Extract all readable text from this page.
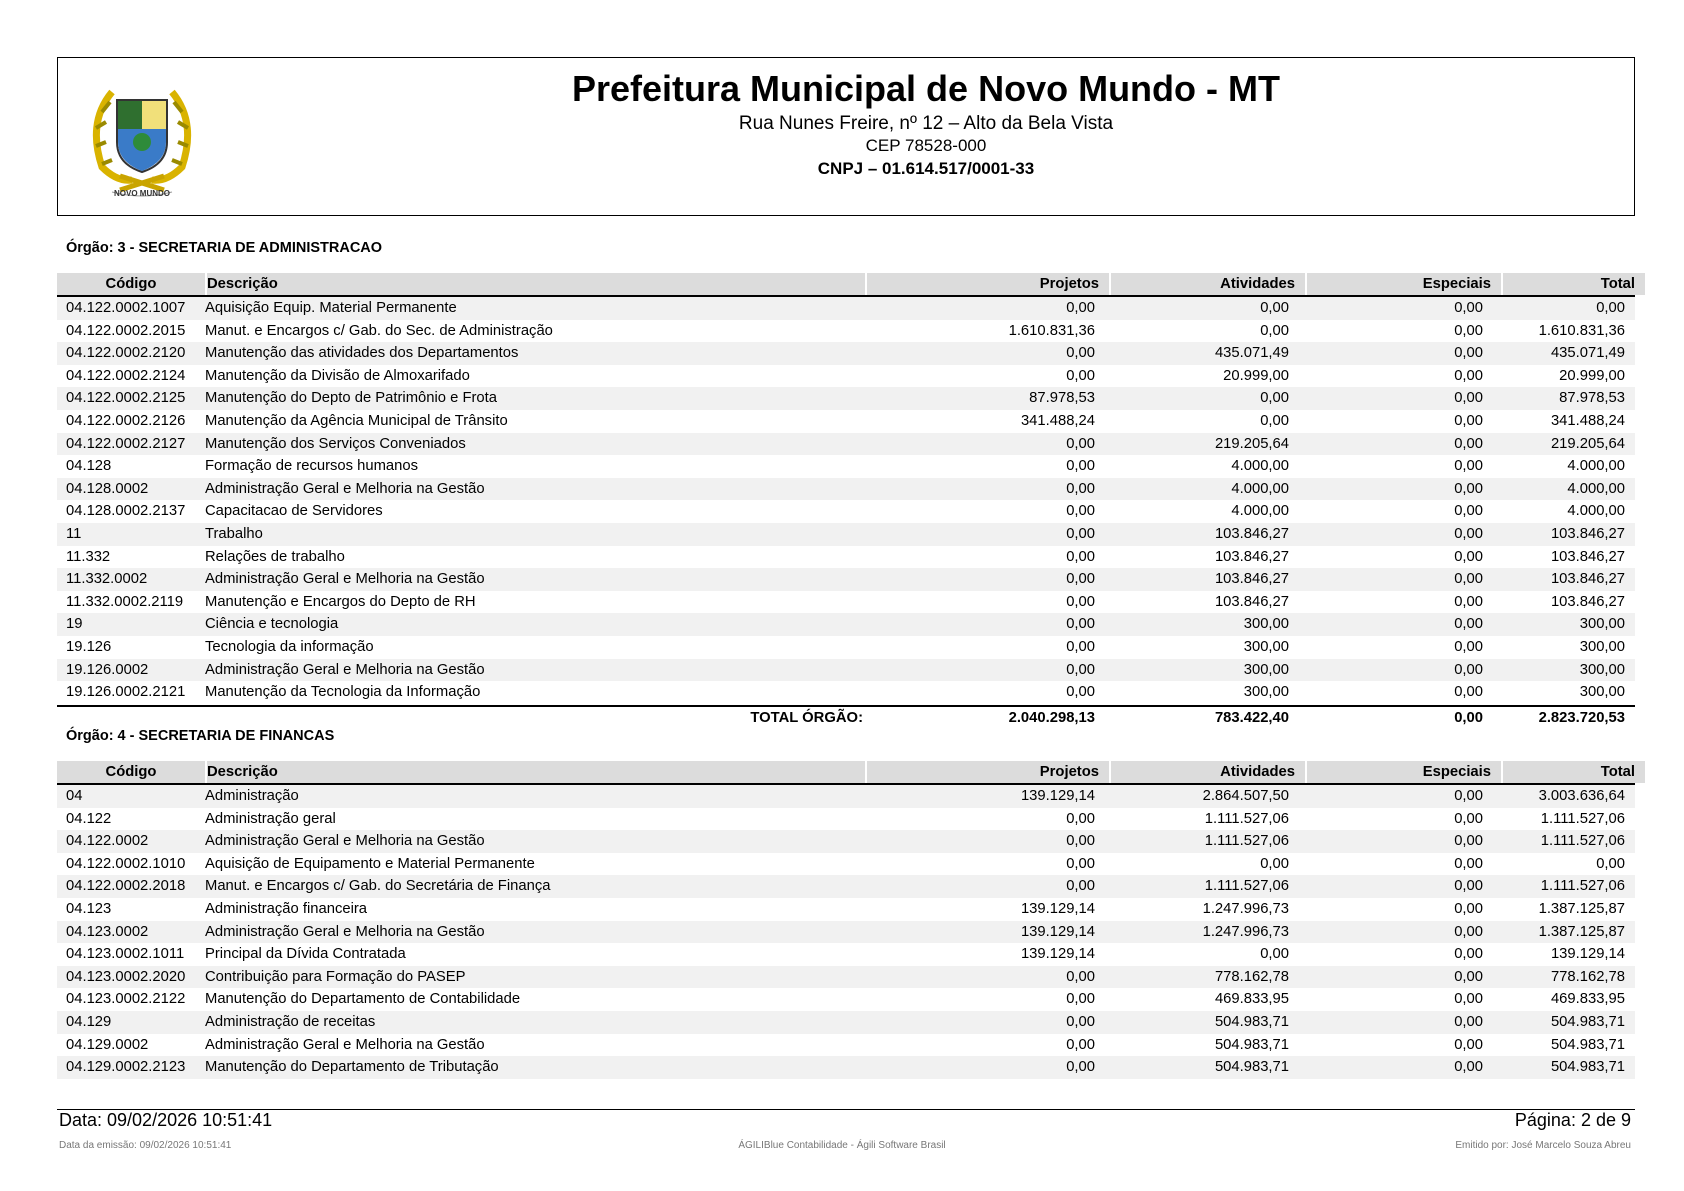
NOVO MUNDO
Prefeitura Municipal de Novo Mundo - MT
Rua Nunes Freire, nº 12 – Alto da Bela Vista
CEP 78528-000
CNPJ – 01.614.517/0001-33
Órgão: 3 - SECRETARIA DE ADMINISTRACAO
Código	Descrição	Projetos	Atividades	Especiais	Total
04.122.0002.1007	Aquisição Equip. Material Permanente	0,00	0,00	0,00	0,00
04.122.0002.2015	Manut. e Encargos c/ Gab. do Sec. de Administração	1.610.831,36	0,00	0,00	1.610.831,36
04.122.0002.2120	Manutenção das atividades dos Departamentos	0,00	435.071,49	0,00	435.071,49
04.122.0002.2124	Manutenção da Divisão de Almoxarifado	0,00	20.999,00	0,00	20.999,00
04.122.0002.2125	Manutenção do Depto de Patrimônio e Frota	87.978,53	0,00	0,00	87.978,53
04.122.0002.2126	Manutenção da Agência Municipal de Trânsito	341.488,24	0,00	0,00	341.488,24
04.122.0002.2127	Manutenção dos Serviços Conveniados	0,00	219.205,64	0,00	219.205,64
04.128	Formação de recursos humanos	0,00	4.000,00	0,00	4.000,00
04.128.0002	Administração Geral e Melhoria na Gestão	0,00	4.000,00	0,00	4.000,00
04.128.0002.2137	Capacitacao de Servidores	0,00	4.000,00	0,00	4.000,00
11	Trabalho	0,00	103.846,27	0,00	103.846,27
11.332	Relações de trabalho	0,00	103.846,27	0,00	103.846,27
11.332.0002	Administração Geral e Melhoria na Gestão	0,00	103.846,27	0,00	103.846,27
11.332.0002.2119	Manutenção e Encargos do Depto de RH	0,00	103.846,27	0,00	103.846,27
19	Ciência e tecnologia	0,00	300,00	0,00	300,00
19.126	Tecnologia da informação	0,00	300,00	0,00	300,00
19.126.0002	Administração Geral e Melhoria na Gestão	0,00	300,00	0,00	300,00
19.126.0002.2121	Manutenção da Tecnologia da Informação	0,00	300,00	0,00	300,00
TOTAL ÓRGÃO:	2.040.298,13	783.422,40	0,00	2.823.720,53
Órgão: 4 - SECRETARIA DE FINANCAS
Código	Descrição	Projetos	Atividades	Especiais	Total
04	Administração	139.129,14	2.864.507,50	0,00	3.003.636,64
04.122	Administração geral	0,00	1.111.527,06	0,00	1.111.527,06
04.122.0002	Administração Geral e Melhoria na Gestão	0,00	1.111.527,06	0,00	1.111.527,06
04.122.0002.1010	Aquisição de Equipamento e Material Permanente	0,00	0,00	0,00	0,00
04.122.0002.2018	Manut. e Encargos c/ Gab. do Secretária de Finança	0,00	1.111.527,06	0,00	1.111.527,06
04.123	Administração financeira	139.129,14	1.247.996,73	0,00	1.387.125,87
04.123.0002	Administração Geral e Melhoria na Gestão	139.129,14	1.247.996,73	0,00	1.387.125,87
04.123.0002.1011	Principal da Dívida Contratada	139.129,14	0,00	0,00	139.129,14
04.123.0002.2020	Contribuição para Formação do PASEP	0,00	778.162,78	0,00	778.162,78
04.123.0002.2122	Manutenção do Departamento de Contabilidade	0,00	469.833,95	0,00	469.833,95
04.129	Administração de receitas	0,00	504.983,71	0,00	504.983,71
04.129.0002	Administração Geral e Melhoria na Gestão	0,00	504.983,71	0,00	504.983,71
04.129.0002.2123	Manutenção do Departamento de Tributação	0,00	504.983,71	0,00	504.983,71
Data: 09/02/2026 10:51:41	Página: 2 de 9
Data da emissão: 09/02/2026 10:51:41	ÁGILIBlue Contabilidade - Ágili Software Brasil	Emitido por: José Marcelo Souza Abreu
